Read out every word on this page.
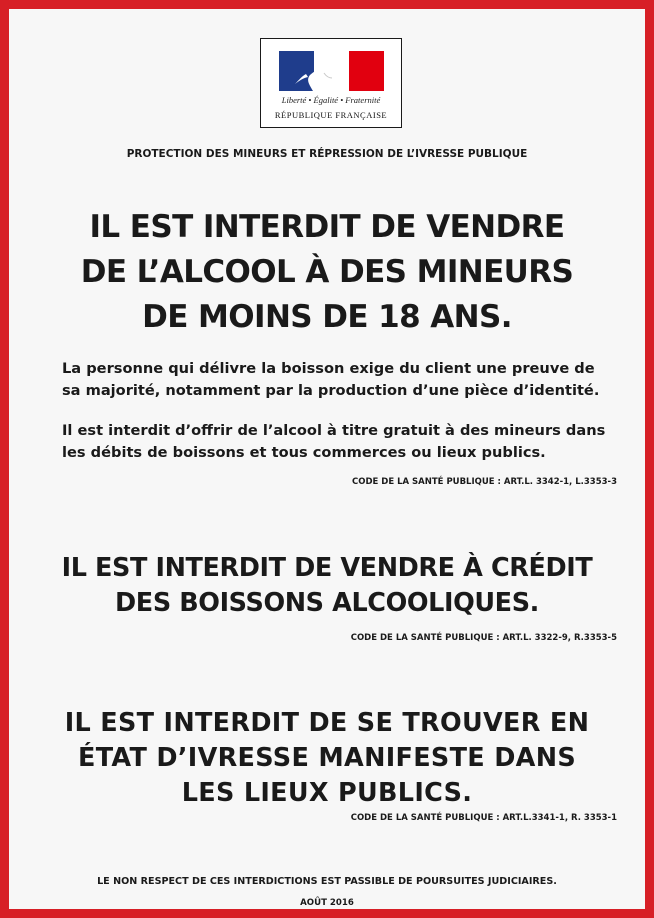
Liberté • Égalité • Fraternité
RÉPUBLIQUE FRANÇAISE
PROTECTION DES MINEURS ET RÉPRESSION DE L’IVRESSE PUBLIQUE
IL EST INTERDIT DE VENDRE
DE L’ALCOOL À DES MINEURS
DE MOINS DE 18 ANS.
La personne qui délivre la boisson exige du client une preuve de
sa majorité, notamment par la production d’une pièce d’identité.
Il est interdit d’offrir de l’alcool à titre gratuit à des mineurs dans
les débits de boissons et tous commerces ou lieux publics.
CODE DE LA SANTÉ PUBLIQUE : ART.L. 3342-1, L.3353-3
IL EST INTERDIT DE VENDRE À CRÉDIT
DES BOISSONS ALCOOLIQUES.
CODE DE LA SANTÉ PUBLIQUE : ART.L. 3322-9, R.3353-5
IL EST INTERDIT DE SE TROUVER EN
ÉTAT D’IVRESSE MANIFESTE DANS
LES LIEUX PUBLICS.
CODE DE LA SANTÉ PUBLIQUE : ART.L.3341-1, R. 3353-1
LE NON RESPECT DE CES INTERDICTIONS EST PASSIBLE DE POURSUITES JUDICIAIRES.
AOÛT 2016
